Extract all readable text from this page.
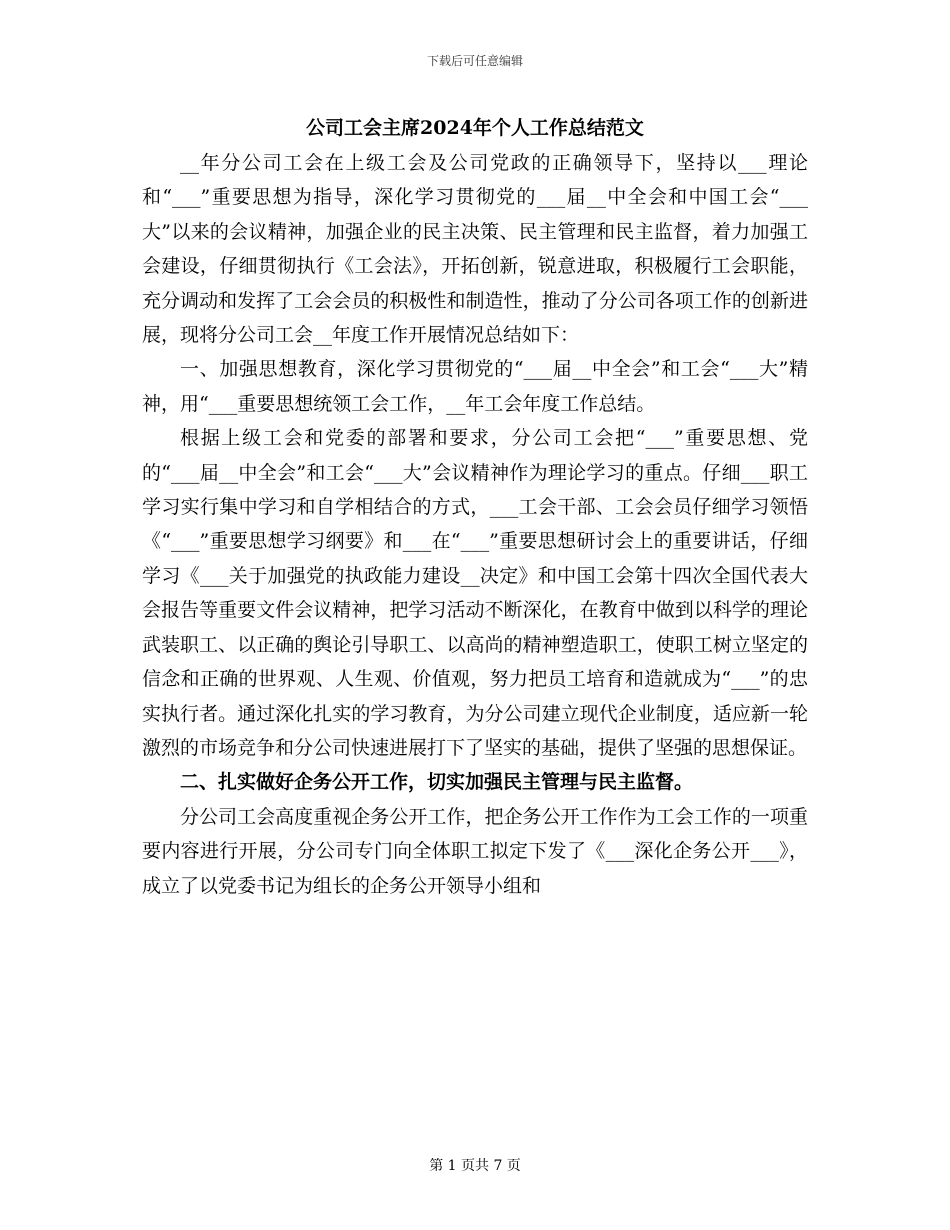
下载后可任意编辑
公司工会主席2024年个人工作总结范文

__年分公司工会在上级工会及公司党政的正确领导下，坚持以___理论和“___”重要思想为指导，深化学习贯彻党的___届__中全会和中国工会“___大”以来的会议精神，加强企业的民主决策、民主管理和民主监督，着力加强工会建设，仔细贯彻执行《工会法》，开拓创新，锐意进取，积极履行工会职能，充分调动和发挥了工会会员的积极性和制造性，推动了分公司各项工作的创新进展，现将分公司工会__年度工作开展情况总结如下：

一、加强思想教育，深化学习贯彻党的“___届__中全会”和工会“___大”精神，用“___重要思想统领工会工作，__年工会年度工作总结。

根据上级工会和党委的部署和要求，分公司工会把“___”重要思想、党的“___届__中全会”和工会“___大”会议精神作为理论学习的重点。仔细___职工学习实行集中学习和自学相结合的方式，___工会干部、工会会员仔细学习领悟《“___”重要思想学习纲要》和___在“___”重要思想研讨会上的重要讲话，仔细学习《___关于加强党的执政能力建设__决定》和中国工会第十四次全国代表大会报告等重要文件会议精神，把学习活动不断深化，在教育中做到以科学的理论武装职工、以正确的舆论引导职工、以高尚的精神塑造职工，使职工树立坚定的信念和正确的世界观、人生观、价值观，努力把员工培育和造就成为“___”的忠实执行者。通过深化扎实的学习教育，为分公司建立现代企业制度，适应新一轮激烈的市场竞争和分公司快速进展打下了坚实的基础，提供了坚强的思想保证。

二、扎实做好企务公开工作，切实加强民主管理与民主监督。

分公司工会高度重视企务公开工作，把企务公开工作作为工会工作的一项重要内容进行开展，分公司专门向全体职工拟定下发了《___深化企务公开___》，成立了以党委书记为组长的企务公开领导小组和

第 1 页共 7 页
